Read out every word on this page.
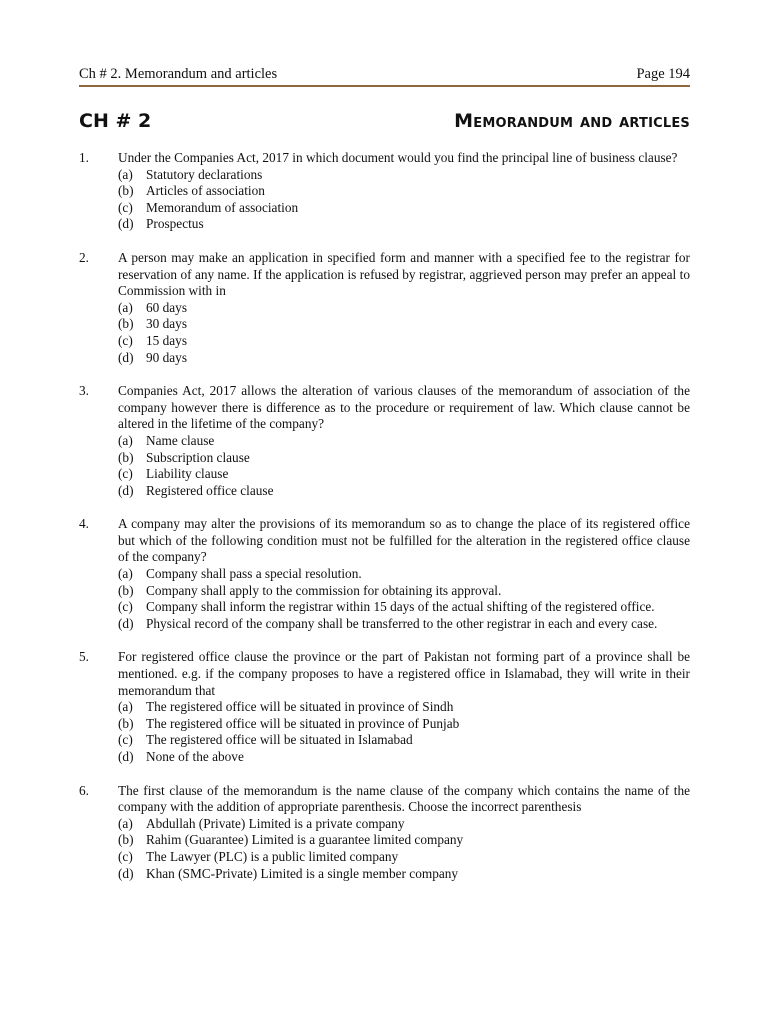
Ch # 2. Memorandum and articles	Page 194
CH # 2	Memorandum and articles
1.	Under the Companies Act, 2017 in which document would you find the principal line of business clause?
(a) Statutory declarations
(b) Articles of association
(c) Memorandum of association
(d) Prospectus
2.	A person may make an application in specified form and manner with a specified fee to the registrar for reservation of any name. If the application is refused by registrar, aggrieved person may prefer an appeal to Commission with in
(a) 60 days
(b) 30 days
(c) 15 days
(d) 90 days
3.	Companies Act, 2017 allows the alteration of various clauses of the memorandum of association of the company however there is difference as to the procedure or requirement of law. Which clause cannot be altered in the lifetime of the company?
(a) Name clause
(b) Subscription clause
(c) Liability clause
(d) Registered office clause
4.	A company may alter the provisions of its memorandum so as to change the place of its registered office but which of the following condition must not be fulfilled for the alteration in the registered office clause of the company?
(a) Company shall pass a special resolution.
(b) Company shall apply to the commission for obtaining its approval.
(c) Company shall inform the registrar within 15 days of the actual shifting of the registered office.
(d) Physical record of the company shall be transferred to the other registrar in each and every case.
5.	For registered office clause the province or the part of Pakistan not forming part of a province shall be mentioned. e.g. if the company proposes to have a registered office in Islamabad, they will write in their memorandum that
(a) The registered office will be situated in province of Sindh
(b) The registered office will be situated in province of Punjab
(c) The registered office will be situated in Islamabad
(d) None of the above
6.	The first clause of the memorandum is the name clause of the company which contains the name of the company with the addition of appropriate parenthesis. Choose the incorrect parenthesis
(a) Abdullah (Private) Limited is a private company
(b) Rahim (Guarantee) Limited is a guarantee limited company
(c) The Lawyer (PLC) is a public limited company
(d) Khan (SMC-Private) Limited is a single member company
